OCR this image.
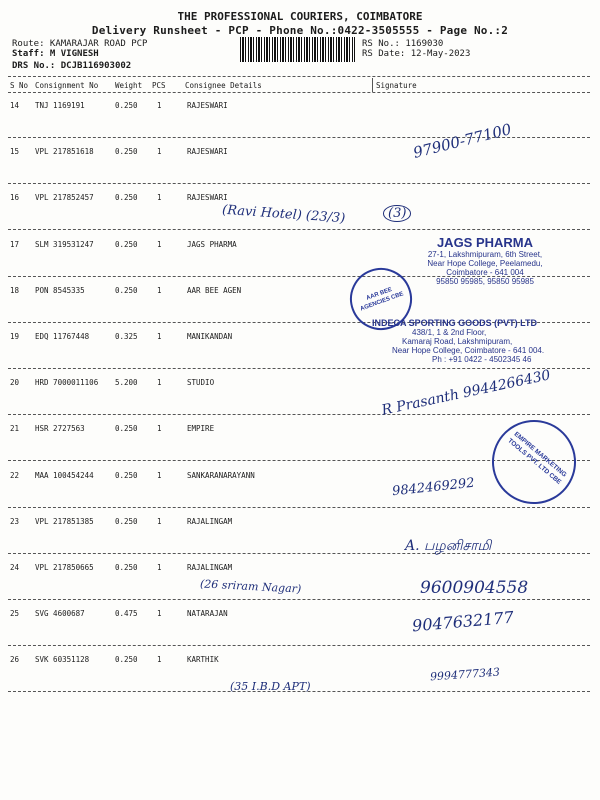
THE PROFESSIONAL COURIERS, COIMBATORE
Delivery Runsheet - PCP - Phone No.:0422-3505555 - Page No.:2
Route: KAMARAJAR ROAD PCP
Staff: M VIGNESH
DRS No.: DCJB116903002
RS No.: 1169030
RS Date: 12-May-2023
S No Consignment No Weight PCS	Consignee Details	Signature
14 TNJ 1169191	0.250	1	RAJESWARI
15 VPL 217851618	0.250	1	RAJESWARI
16 VPL 217852457	0.250	1	RAJESWARI
17 SLM 319531247	0.250	1	JAGS PHARMA
18 PON 8545335	0.250	1	AAR BEE AGEN
19 EDQ 11767448	0.325	1	MANIKANDAN
20 HRD 7000011106 5.200	1	STUDIO
21 HSR 2727563	0.250	1	EMPIRE
22 MAA 100454244	0.250	1	SANKARANARAYANN
23 VPL 217851385	0.250	1	RAJALINGAM
24 VPL 217850665	0.250	1	RAJALINGAM
25 SVG 4600687	0.475	1	NATARAJAN
26 SVK 60351128	0.250	1	KARTHIK
97900-77100
(Ravi Hotel) (23/3)	(3)
JAGS PHARMA
27-1, Lakshmipuram, 6th Street,
Near Hope College, Peelamedu,
Coimbatore - 641 004
95850 95985, 95850 95985
AAR BEE AGENCIES CBE
INDECA SPORTING GOODS (PVT) LTD
438/1, 1 & 2nd Floor,
Kamaraj Road, Lakshmipuram,
Near Hope College, Coimbatore - 641 004.
Ph : +91 0422 - 4502345 46
R Prasanth 9944266430
EMPIRE MARKETING TOOLS PVT. LTD CBE
9842469292
A. பழனிசாமி
(26 sriram Nagar)	9600904558
9047632177
(35 I.B.D APT)
9994777343
